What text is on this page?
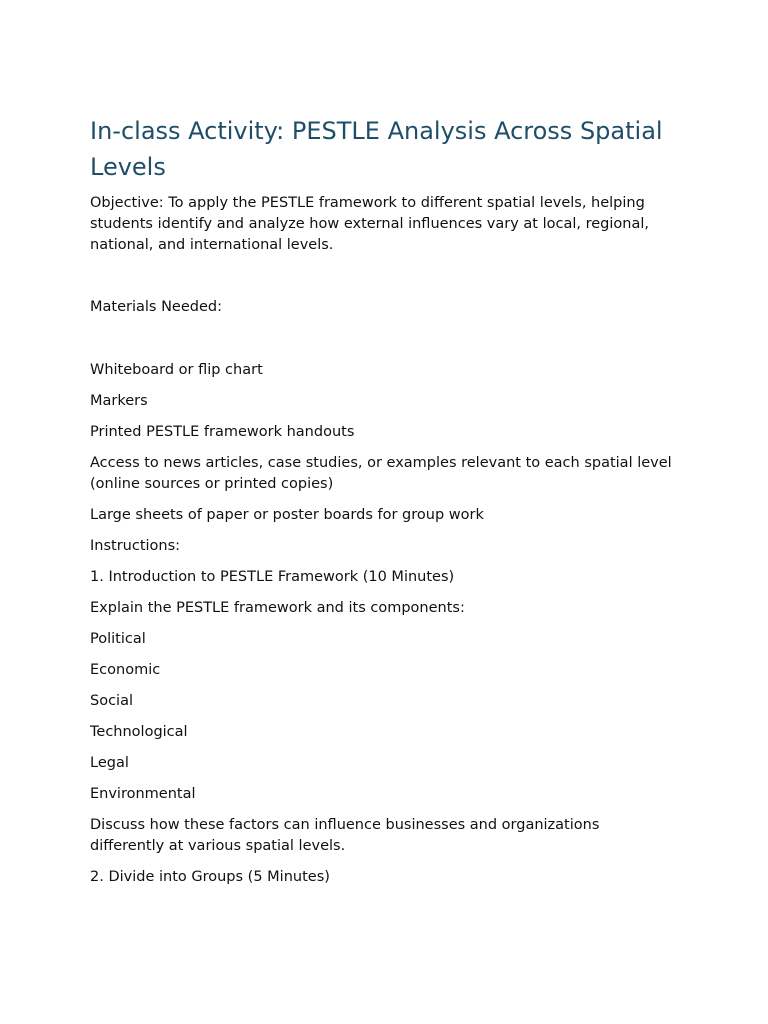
In-class Activity: PESTLE Analysis Across Spatial Levels

Objective: To apply the PESTLE framework to different spatial levels, helping students identify and analyze how external influences vary at local, regional, national, and international levels.

Materials Needed:

Whiteboard or flip chart

Markers

Printed PESTLE framework handouts

Access to news articles, case studies, or examples relevant to each spatial level (online sources or printed copies)

Large sheets of paper or poster boards for group work

Instructions:

1. Introduction to PESTLE Framework (10 Minutes)

Explain the PESTLE framework and its components:

Political

Economic

Social

Technological

Legal

Environmental

Discuss how these factors can influence businesses and organizations differently at various spatial levels.

2. Divide into Groups (5 Minutes)
